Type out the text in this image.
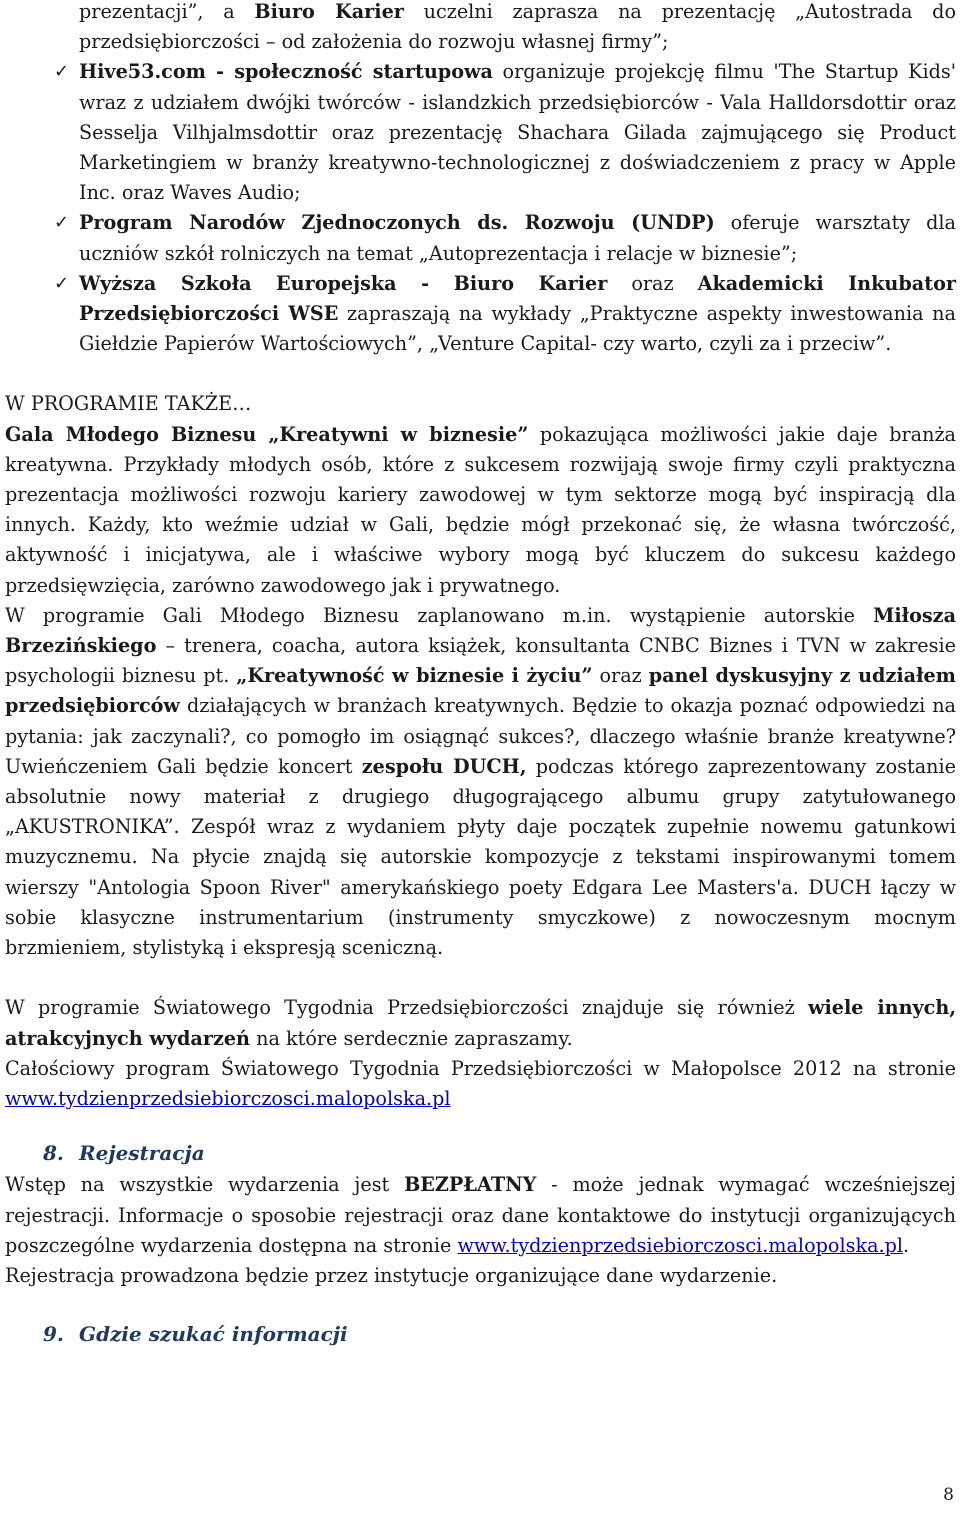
prezentacji”, a Biuro Karier uczelni zaprasza na prezentację „Autostrada do przedsiębiorczości – od założenia do rozwoju własnej firmy”;
✓ Hive53.com - społeczność startupowa organizuje projekcję filmu 'The Startup Kids' wraz z udziałem dwójki twórców - islandzkich przedsiębiorców - Vala Halldorsdottir oraz Sesselja Vilhjalmsdottir oraz prezentację Shachara Gilada zajmującego się Product Marketingiem w branży kreatywno-technologicznej z doświadczeniem z pracy w Apple Inc. oraz Waves Audio;
✓ Program Narodów Zjednoczonych ds. Rozwoju (UNDP) oferuje warsztaty dla uczniów szkół rolniczych na temat „Autoprezentacja i relacje w biznesie”;
✓ Wyższa Szkoła Europejska - Biuro Karier oraz Akademicki Inkubator Przedsiębiorczości WSE zapraszają na wykłady „Praktyczne aspekty inwestowania na Giełdzie Papierów Wartościowych”, „Venture Capital- czy warto, czyli za i przeciw”.

W PROGRAMIE TAKŻE…

Gala Młodego Biznesu „Kreatywni w biznesie” pokazująca możliwości jakie daje branża kreatywna. Przykłady młodych osób, które z sukcesem rozwijają swoje firmy czyli praktyczna prezentacja możliwości rozwoju kariery zawodowej w tym sektorze mogą być inspiracją dla innych. Każdy, kto weźmie udział w Gali, będzie mógł przekonać się, że własna twórczość, aktywność i inicjatywa, ale i właściwe wybory mogą być kluczem do sukcesu każdego przedsięwzięcia, zarówno zawodowego jak i prywatnego.

W programie Gali Młodego Biznesu zaplanowano m.in. wystąpienie autorskie Miłosza Brzezińskiego – trenera, coacha, autora książek, konsultanta CNBC Biznes i TVN w zakresie psychologii biznesu pt. „Kreatywność w biznesie i życiu” oraz panel dyskusyjny z udziałem przedsiębiorców działających w branżach kreatywnych. Będzie to okazja poznać odpowiedzi na pytania: jak zaczynali?, co pomogło im osiągnąć sukces?, dlaczego właśnie branże kreatywne? Uwieńczeniem Gali będzie koncert zespołu DUCH, podczas którego zaprezentowany zostanie absolutnie nowy materiał z drugiego długogrającego albumu grupy zatytułowanego „AKUSTRONIKA”. Zespół wraz z wydaniem płyty daje początek zupełnie nowemu gatunkowi muzycznemu. Na płycie znajdą się autorskie kompozycje z tekstami inspirowanymi tomem wierszy "Antologia Spoon River" amerykańskiego poety Edgara Lee Masters'a. DUCH łączy w sobie klasyczne instrumentarium (instrumenty smyczkowe) z nowoczesnym mocnym brzmieniem, stylistyką i ekspresją sceniczną.

W programie Światowego Tygodnia Przedsiębiorczości znajduje się również wiele innych, atrakcyjnych wydarzeń na które serdecznie zapraszamy.

Całościowy program Światowego Tygodnia Przedsiębiorczości w Małopolsce 2012 na stronie www.tydzienprzedsiebiorczosci.malopolska.pl

8. Rejestracja

Wstęp na wszystkie wydarzenia jest BEZPŁATNY - może jednak wymagać wcześniejszej rejestracji. Informacje o sposobie rejestracji oraz dane kontaktowe do instytucji organizujących poszczególne wydarzenia dostępna na stronie www.tydzienprzedsiebiorczosci.malopolska.pl.

Rejestracja prowadzona będzie przez instytucje organizujące dane wydarzenie.

9. Gdzie szukać informacji
8
